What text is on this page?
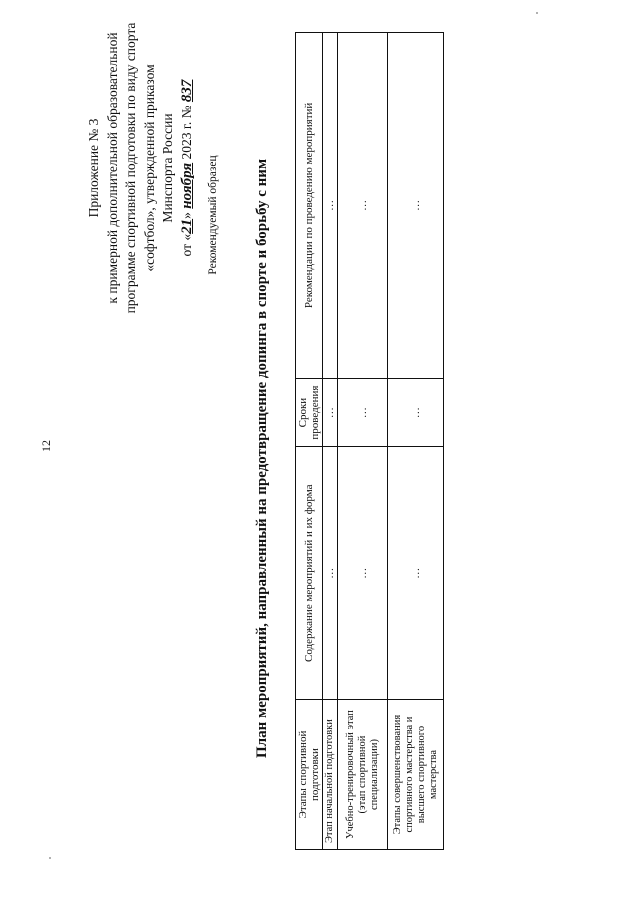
12
Приложение № 3 к примерной дополнительной образовательной программе спортивной подготовки по виду спорта «софтбол», утвержденной приказом Минспорта России
от «21» ноября 2023 г. № 837
Рекомендуемый образец План мероприятий, направленный на предотвращение допинга в спорте и борьбу с ним
Этапы спортивной подготовки	Содержание мероприятий и их форма	Сроки проведения	Рекомендации по проведению мероприятий
Этап начальной подготовки	…	…	…
Учебно-тренировочный этап (этап спортивной специализации)	…	…	…
Этапы совершенствования спортивного мастерства и высшего спортивного мастерства	…	…	…
